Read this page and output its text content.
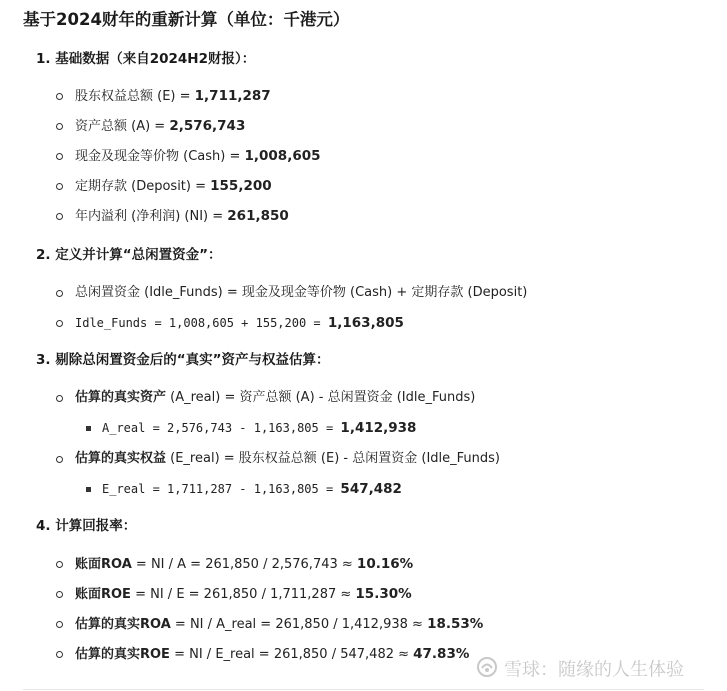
基于2024财年的重新计算（单位：千港元）
1. 基础数据（来自2024H2财报）：
股东权益总额 (E) = 1,711,287
资产总额 (A) = 2,576,743
现金及现金等价物 (Cash) = 1,008,605
定期存款 (Deposit) = 155,200
年内溢利 (净利润) (NI) = 261,850
2. 定义并计算“总闲置资金”：
总闲置资金 (Idle_Funds) = 现金及现金等价物 (Cash) + 定期存款 (Deposit)
Idle_Funds = 1,008,605 + 155,200 = 1,163,805
3. 剔除总闲置资金后的“真实”资产与权益估算：
估算的真实资产 (A_real) = 资产总额 (A) - 总闲置资金 (Idle_Funds)
A_real = 2,576,743 - 1,163,805 = 1,412,938
估算的真实权益 (E_real) = 股东权益总额 (E) - 总闲置资金 (Idle_Funds)
E_real = 1,711,287 - 1,163,805 = 547,482
4. 计算回报率：
账面ROA = NI / A = 261,850 / 2,576,743 ≈ 10.16%
账面ROE = NI / E = 261,850 / 1,711,287 ≈ 15.30%
估算的真实ROA = NI / A_real = 261,850 / 1,412,938 ≈ 18.53%
估算的真实ROE = NI / E_real = 261,850 / 547,482 ≈ 47.83%
雪球：随缘的人生体验
